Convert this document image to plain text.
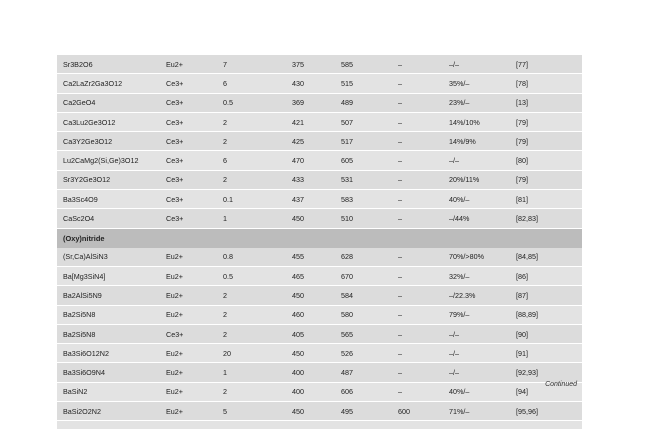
Sr3B2O6	Eu2+	7	375	585	–	–/–	[77]
Ca2LaZr2Ga3O12	Ce3+	6	430	515	–	35%/–	[78]
Ca2GeO4	Ce3+	0.5	369	489	–	23%/–	[13]
Ca3Lu2Ge3O12	Ce3+	2	421	507	–	14%/10%	[79]
Ca3Y2Ge3O12	Ce3+	2	425	517	–	14%/9%	[79]
Lu2CaMg2(Si,Ge)3O12	Ce3+	6	470	605	–	–/–	[80]
Sr3Y2Ge3O12	Ce3+	2	433	531	–	20%/11%	[79]
Ba3Sc4O9	Ce3+	0.1	437	583	–	40%/–	[81]
CaSc2O4	Ce3+	1	450	510	–	–/44%	[82,83]
(Oxy)nitride							
(Sr,Ca)AlSiN3	Eu2+	0.8	455	628	–	70%/>80%	[84,85]
Ba[Mg3SiN4]	Eu2+	0.5	465	670	–	32%/–	[86]
Ba2AlSi5N9	Eu2+	2	450	584	–	–/22.3%	[87]
Ba2Si5N8	Eu2+	2	460	580	–	79%/–	[88,89]
Ba2Si5N8	Ce3+	2	405	565	–	–/–	[90]
Ba3Si6O12N2	Eu2+	20	450	526	–	–/–	[91]
Ba3Si6O9N4	Eu2+	1	400	487	–	–/–	[92,93]
BaSiN2	Eu2+	2	400	606	–	40%/–	[94]
BaSi2O2N2	Eu2+	5	450	495	600	71%/–	[95,96]

Continued
